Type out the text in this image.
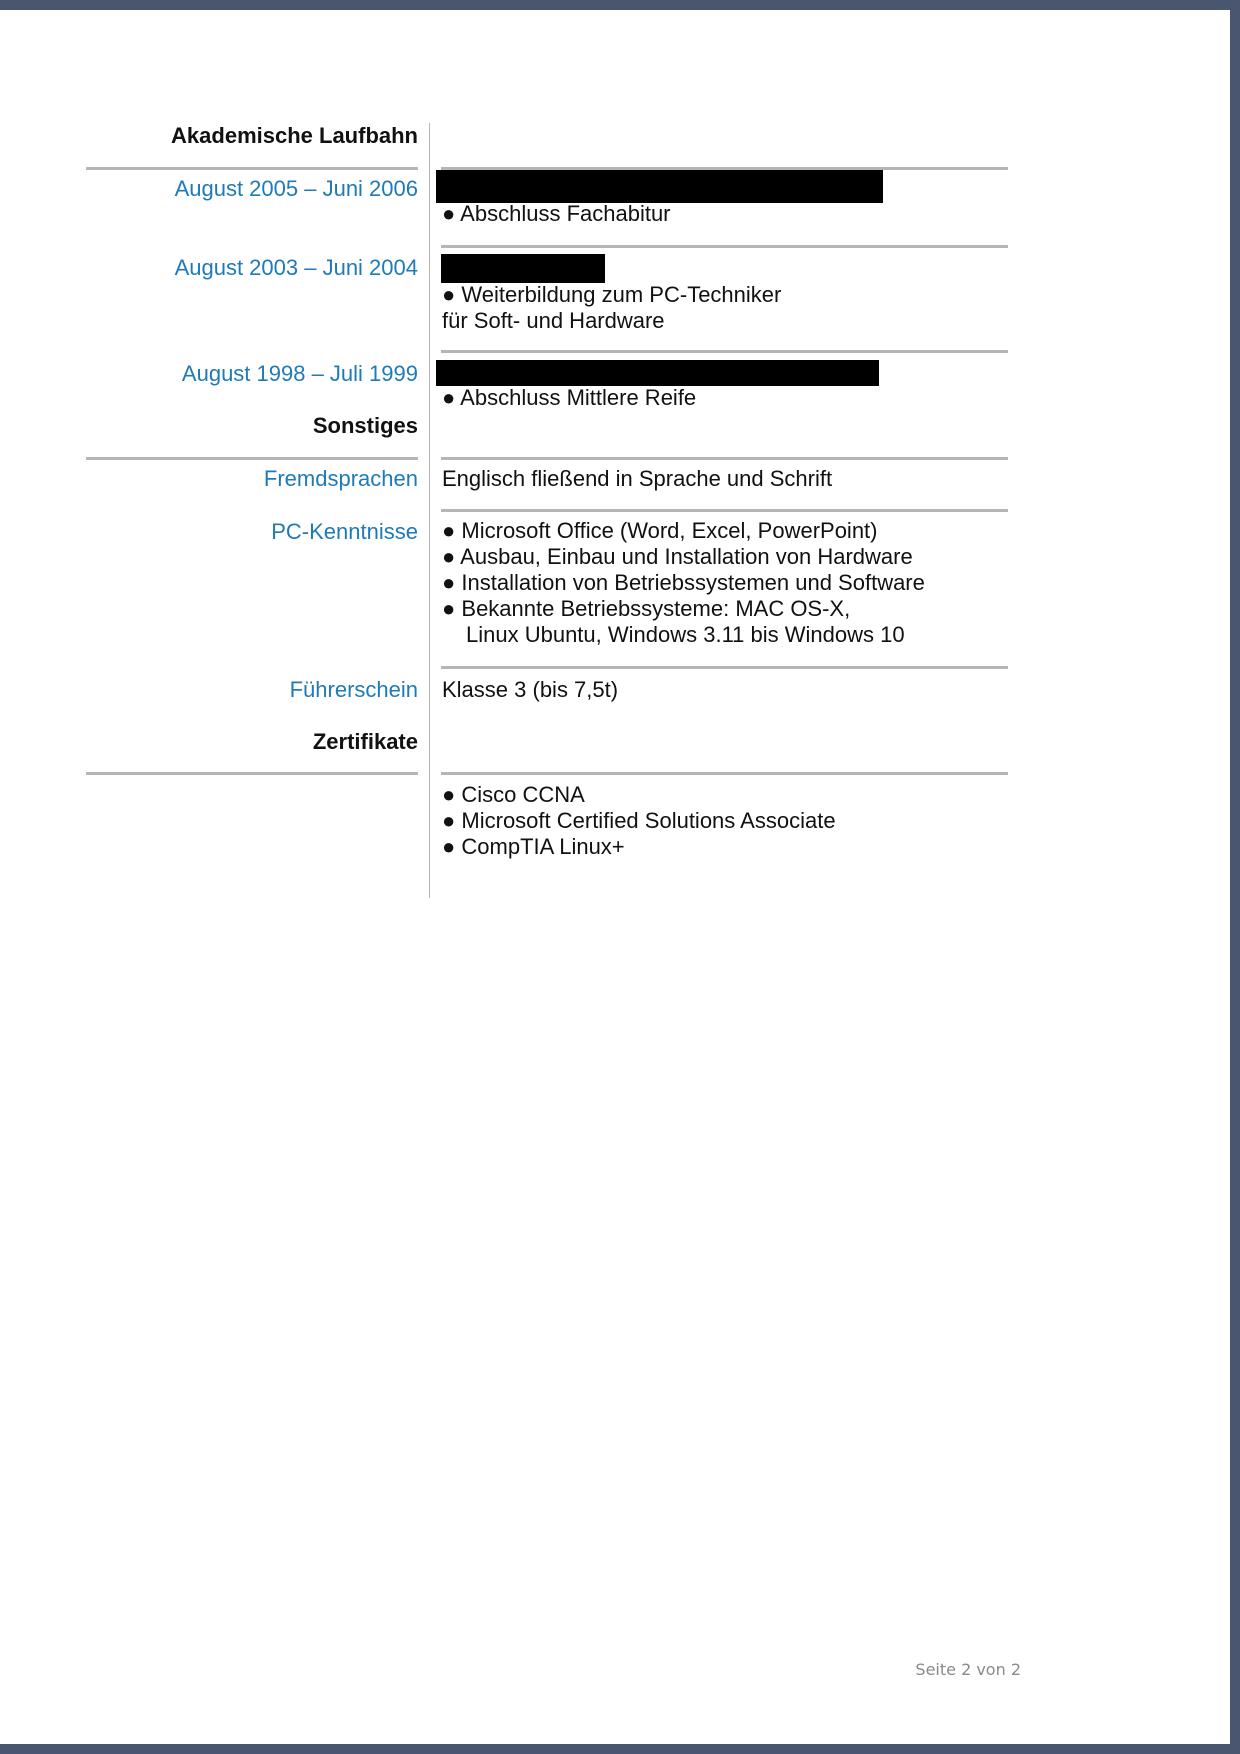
Akademische Laufbahn
August 2005 – Juni 2006
● Abschluss Fachabitur
August 2003 – Juni 2004
● Weiterbildung zum PC-Techniker
für Soft- und Hardware
August 1998 – Juli 1999
● Abschluss Mittlere Reife
Sonstiges
Fremdsprachen Englisch fließend in Sprache und Schrift
PC-Kenntnisse ● Microsoft Office (Word, Excel, PowerPoint)
● Ausbau, Einbau und Installation von Hardware
● Installation von Betriebssystemen und Software
● Bekannte Betriebssysteme: MAC OS-X,
Linux Ubuntu, Windows 3.11 bis Windows 10
Führerschein Klasse 3 (bis 7,5t)
Zertifikate
● Cisco CCNA
● Microsoft Certified Solutions Associate
● CompTIA Linux+
Seite 2 von 2
